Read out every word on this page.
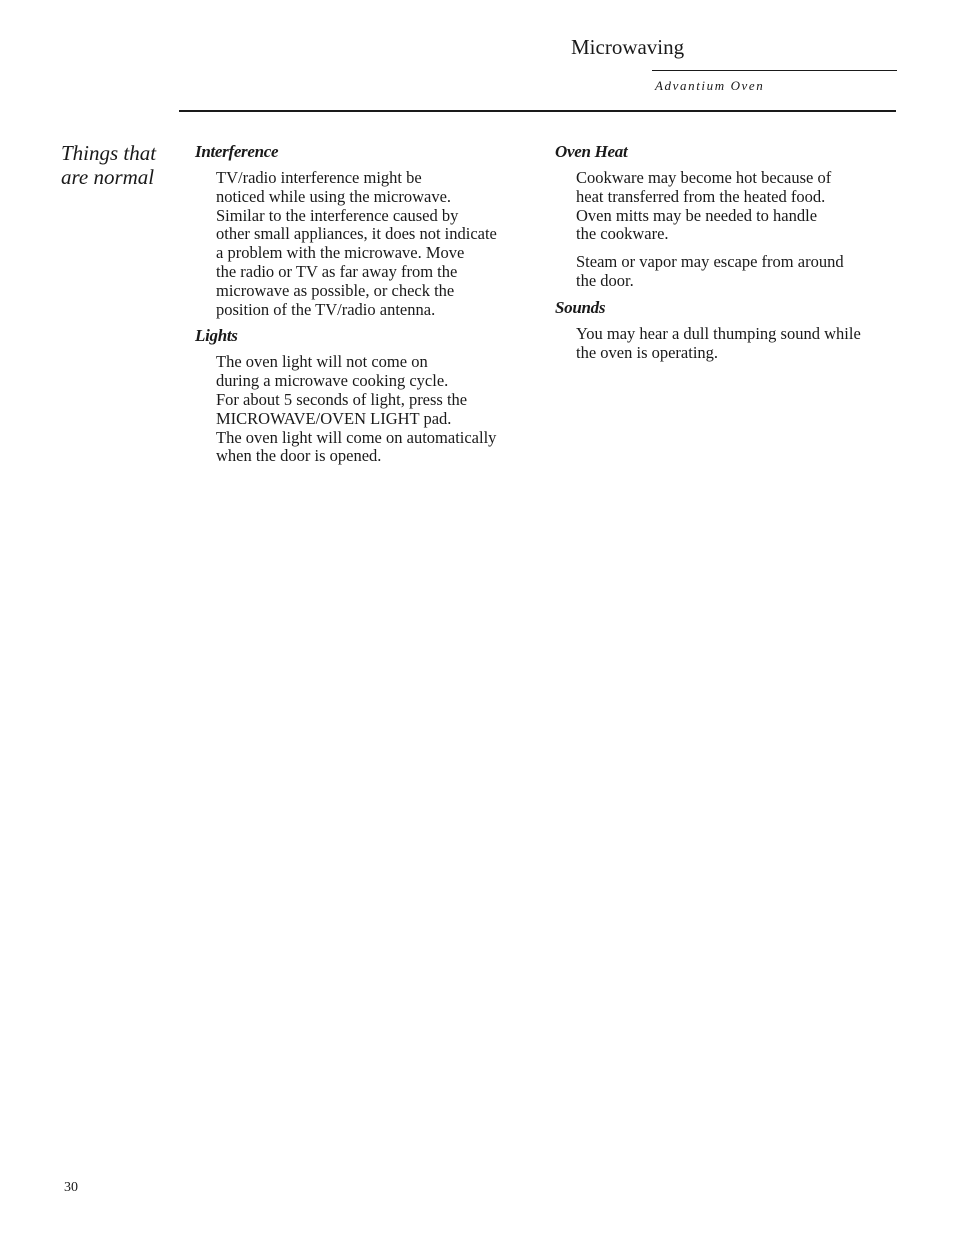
Microwaving
Advantium Oven
Things that
are normal
Interference
TV/radio interference might be
noticed while using the microwave.
Similar to the interference caused by
other small appliances, it does not indicate
a problem with the microwave. Move
the radio or TV as far away from the
microwave as possible, or check the
position of the TV/radio antenna.
Lights
The oven light will not come on
during a microwave cooking cycle.
For about 5 seconds of light, press the
MICROWAVE/OVEN LIGHT pad.
The oven light will come on automatically
when the door is opened.
Oven Heat
Cookware may become hot because of
heat transferred from the heated food.
Oven mitts may be needed to handle
the cookware.
Steam or vapor may escape from around
the door.
Sounds
You may hear a dull thumping sound while
the oven is operating.
30
